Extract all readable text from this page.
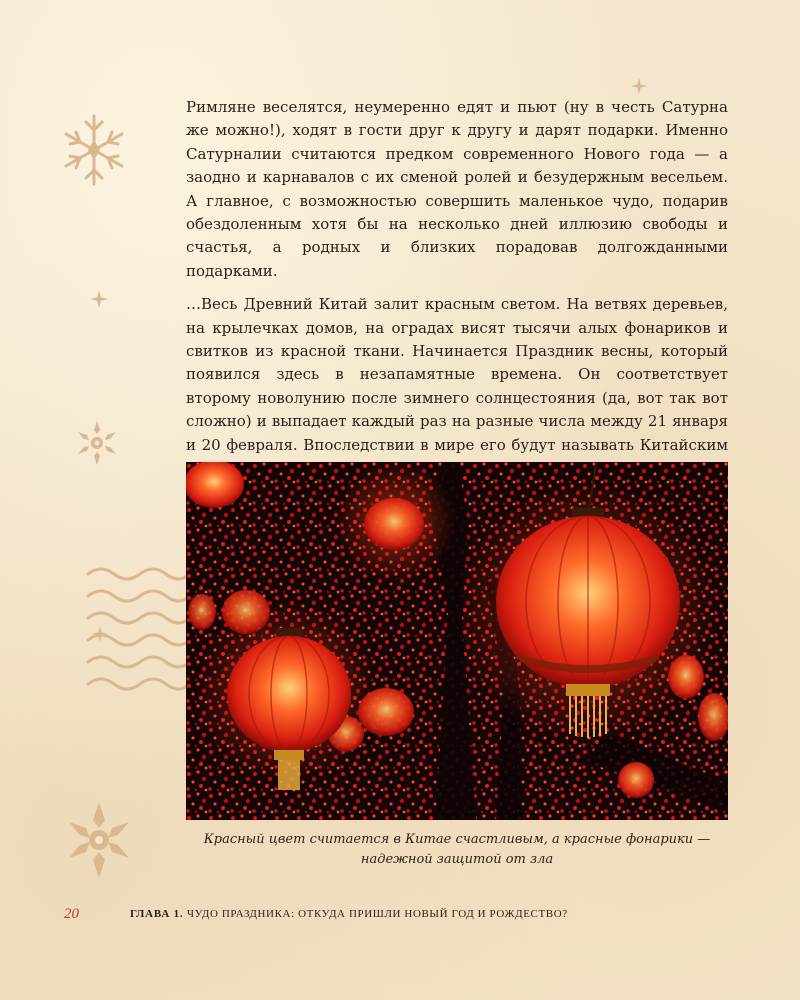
Римляне веселятся, неумеренно едят и пьют (ну в честь Сатурна же можно!), ходят в гости друг к другу и дарят подарки. Именно Сатурналии считаются предком современного Нового года — а заодно и карнавалов с их сменой ролей и безудержным весельем. А главное, с возможностью совершить маленькое чудо, подарив обездоленным хотя бы на несколько дней иллюзию свободы и счастья, а родных и близких порадовав долгожданными подарками.

…Весь Древний Китай залит красным светом. На ветвях деревьев, на крылечках домов, на оградах висят тысячи алых фонариков и свитков из красной ткани. Начинается Праздник весны, который появился здесь в незапамятные времена. Он соответствует второму новолунию после зимнего солнцестояния (да, вот так вот сложно) и выпадает каждый раз на разные числа между 21 января и 20 февраля. Впоследствии в мире его будут называть Китайским

Красный цвет считается в Китае счастливым, а красные фонарики —
надежной защитой от зла
20	ГЛАВА 1. ЧУДО ПРАЗДНИКА: ОТКУДА ПРИШЛИ НОВЫЙ ГОД И РОЖДЕСТВО?
